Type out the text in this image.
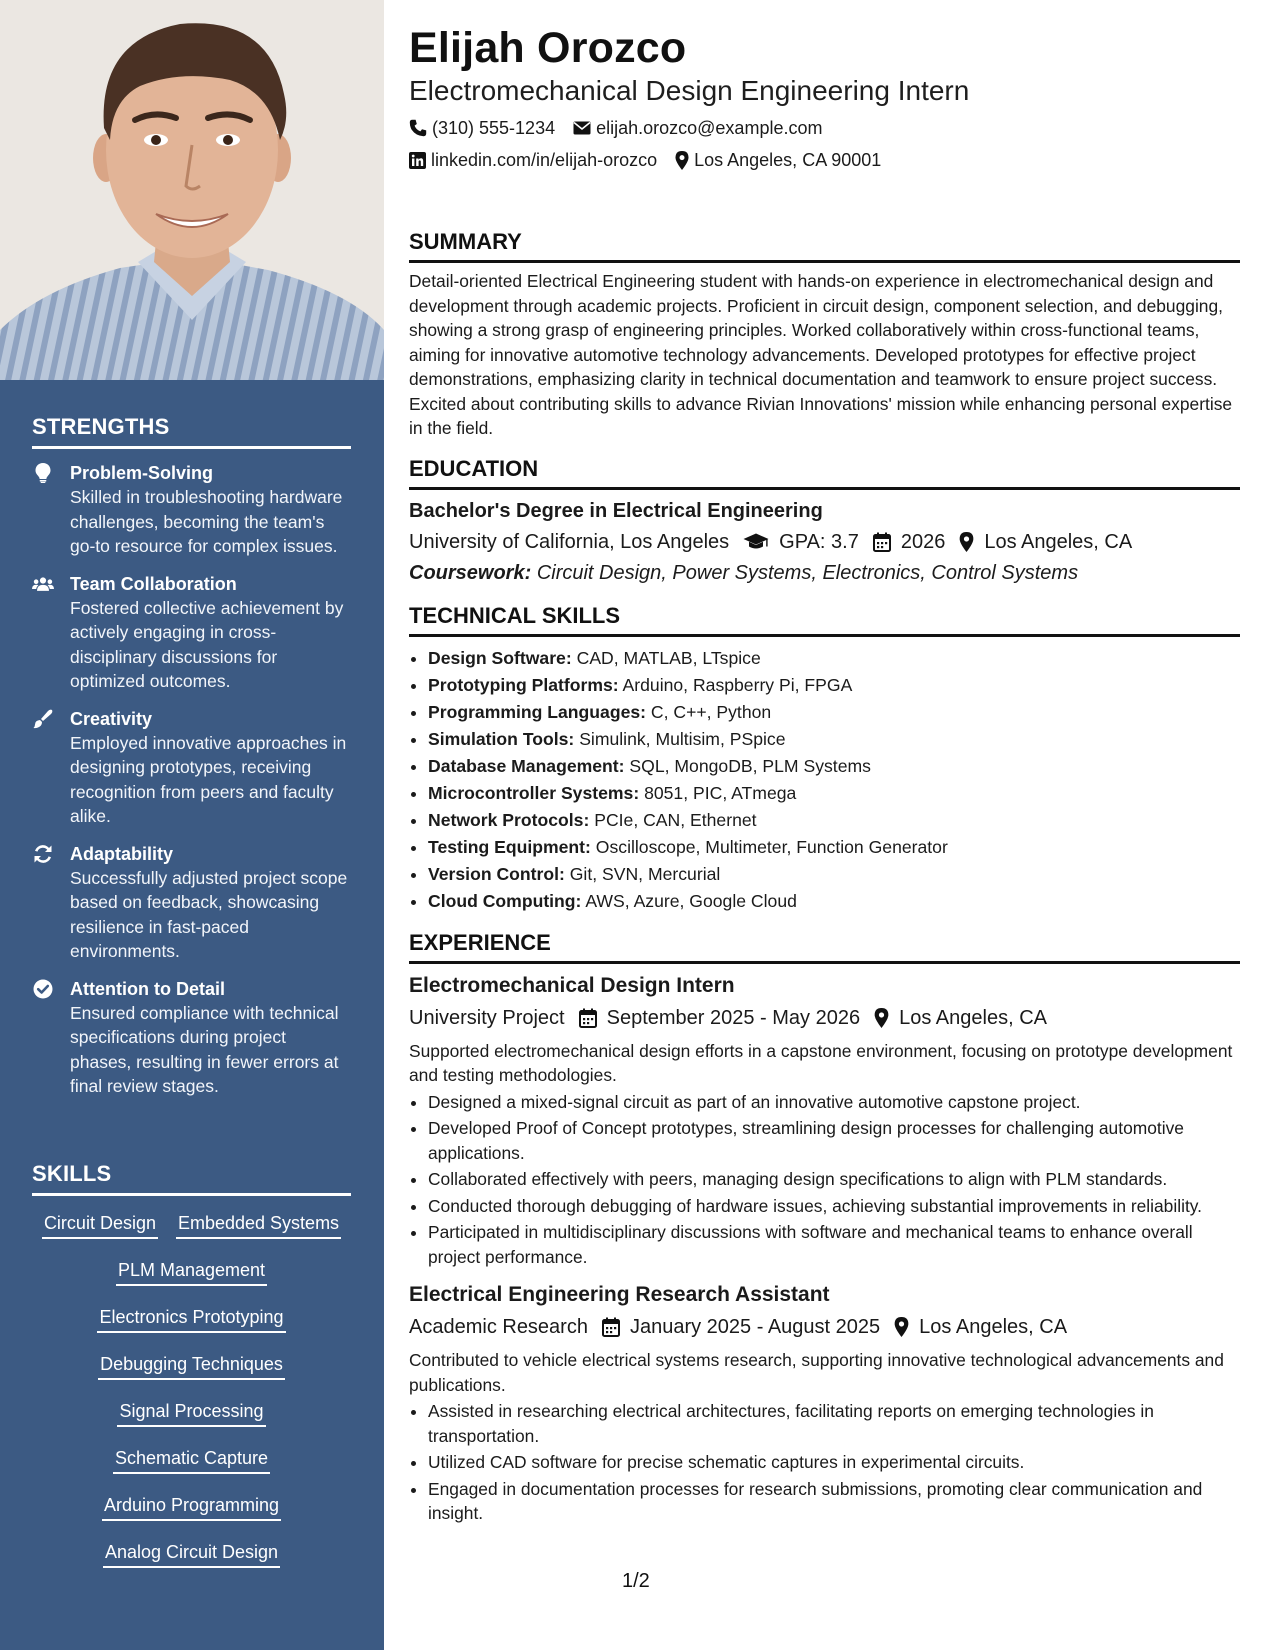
STRENGTHS
Problem-Solving
Skilled in troubleshooting hardware challenges, becoming the team's go-to resource for complex issues.
Team Collaboration
Fostered collective achievement by actively engaging in cross-disciplinary discussions for optimized outcomes.
Creativity
Employed innovative approaches in designing prototypes, receiving recognition from peers and faculty alike.
Adaptability
Successfully adjusted project scope based on feedback, showcasing resilience in fast-paced environments.
Attention to Detail
Ensured compliance with technical specifications during project phases, resulting in fewer errors at final review stages.
SKILLS
Circuit Design Embedded Systems
PLM Management
Electronics Prototyping
Debugging Techniques
Signal Processing
Schematic Capture
Arduino Programming
Analog Circuit Design
Elijah Orozco
Electromechanical Design Engineering Intern
(310) 555-1234 elijah.orozco@example.com
linkedin.com/in/elijah-orozco Los Angeles, CA 90001
SUMMARY

Detail-oriented Electrical Engineering student with hands-on experience in electromechanical design and development through academic projects. Proficient in circuit design, component selection, and debugging, showing a strong grasp of engineering principles. Worked collaboratively within cross-functional teams, aiming for innovative automotive technology advancements. Developed prototypes for effective project demonstrations, emphasizing clarity in technical documentation and teamwork to ensure project success. Excited about contributing skills to advance Rivian Innovations' mission while enhancing personal expertise in the field.

EDUCATION
Bachelor's Degree in Electrical Engineering
University of California, Los Angeles	GPA: 3.7 2026 Los Angeles, CA
Coursework: Circuit Design, Power Systems, Electronics, Control Systems
TECHNICAL SKILLS
• Design Software: CAD, MATLAB, LTspice
• Prototyping Platforms: Arduino, Raspberry Pi, FPGA
• Programming Languages: C, C++, Python
• Simulation Tools: Simulink, Multisim, PSpice
• Database Management: SQL, MongoDB, PLM Systems
• Microcontroller Systems: 8051, PIC, ATmega
• Network Protocols: PCIe, CAN, Ethernet
• Testing Equipment: Oscilloscope, Multimeter, Function Generator
• Version Control: Git, SVN, Mercurial
• Cloud Computing: AWS, Azure, Google Cloud
EXPERIENCE
Electromechanical Design Intern
University Project September 2025 - May 2026 Los Angeles, CA

Supported electromechanical design efforts in a capstone environment, focusing on prototype development and testing methodologies.

• Designed a mixed-signal circuit as part of an innovative automotive capstone project.
• Developed Proof of Concept prototypes, streamlining design processes for challenging automotive applications.
• Collaborated effectively with peers, managing design specifications to align with PLM standards.
• Conducted thorough debugging of hardware issues, achieving substantial improvements in reliability.
• Participated in multidisciplinary discussions with software and mechanical teams to enhance overall project performance.
Electrical Engineering Research Assistant
Academic Research January 2025 - August 2025 Los Angeles, CA

Contributed to vehicle electrical systems research, supporting innovative technological advancements and publications.

• Assisted in researching electrical architectures, facilitating reports on emerging technologies in transportation.
• Utilized CAD software for precise schematic captures in experimental circuits.
• Engaged in documentation processes for research submissions, promoting clear communication and insight.
1/2
